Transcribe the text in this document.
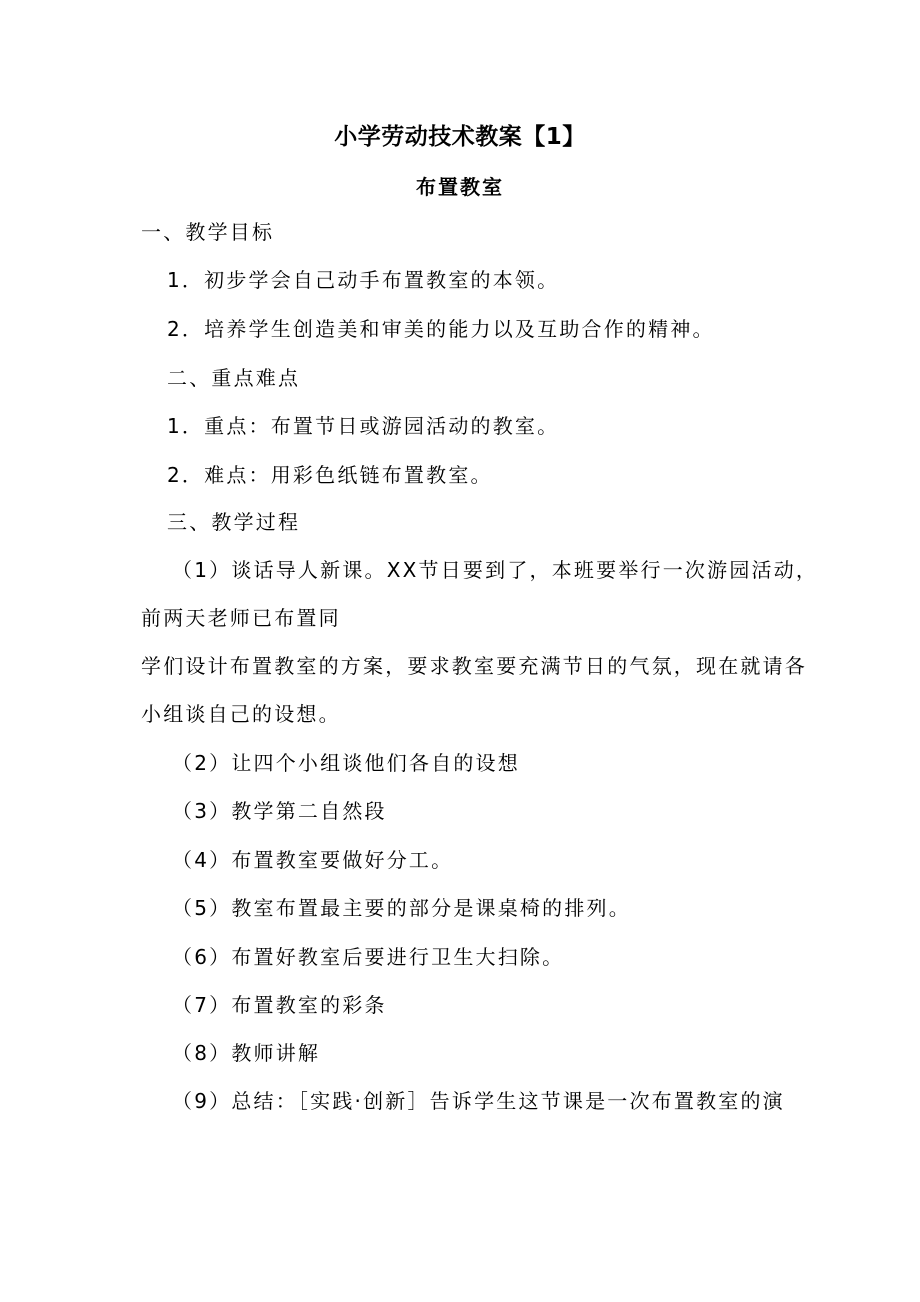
小学劳动技术教案【1】
布置教室
一、教学目标
1．初步学会自己动手布置教室的本领。
2．培养学生创造美和审美的能力以及互助合作的精神。
二、重点难点
1．重点：布置节日或游园活动的教室。
2．难点：用彩色纸链布置教室。
三、教学过程
（1）谈话导人新课。XX节日要到了，本班要举行一次游园活动，
前两天老师已布置同
学们设计布置教室的方案，要求教室要充满节日的气氛，现在就请各
小组谈自己的设想。
（2）让四个小组谈他们各自的设想
（3）教学第二自然段
（4）布置教室要做好分工。
（5）教室布置最主要的部分是课桌椅的排列。
（6）布置好教室后要进行卫生大扫除。
（7）布置教室的彩条
（8）教师讲解
（9）总结：［实践·创新］告诉学生这节课是一次布置教室的演
